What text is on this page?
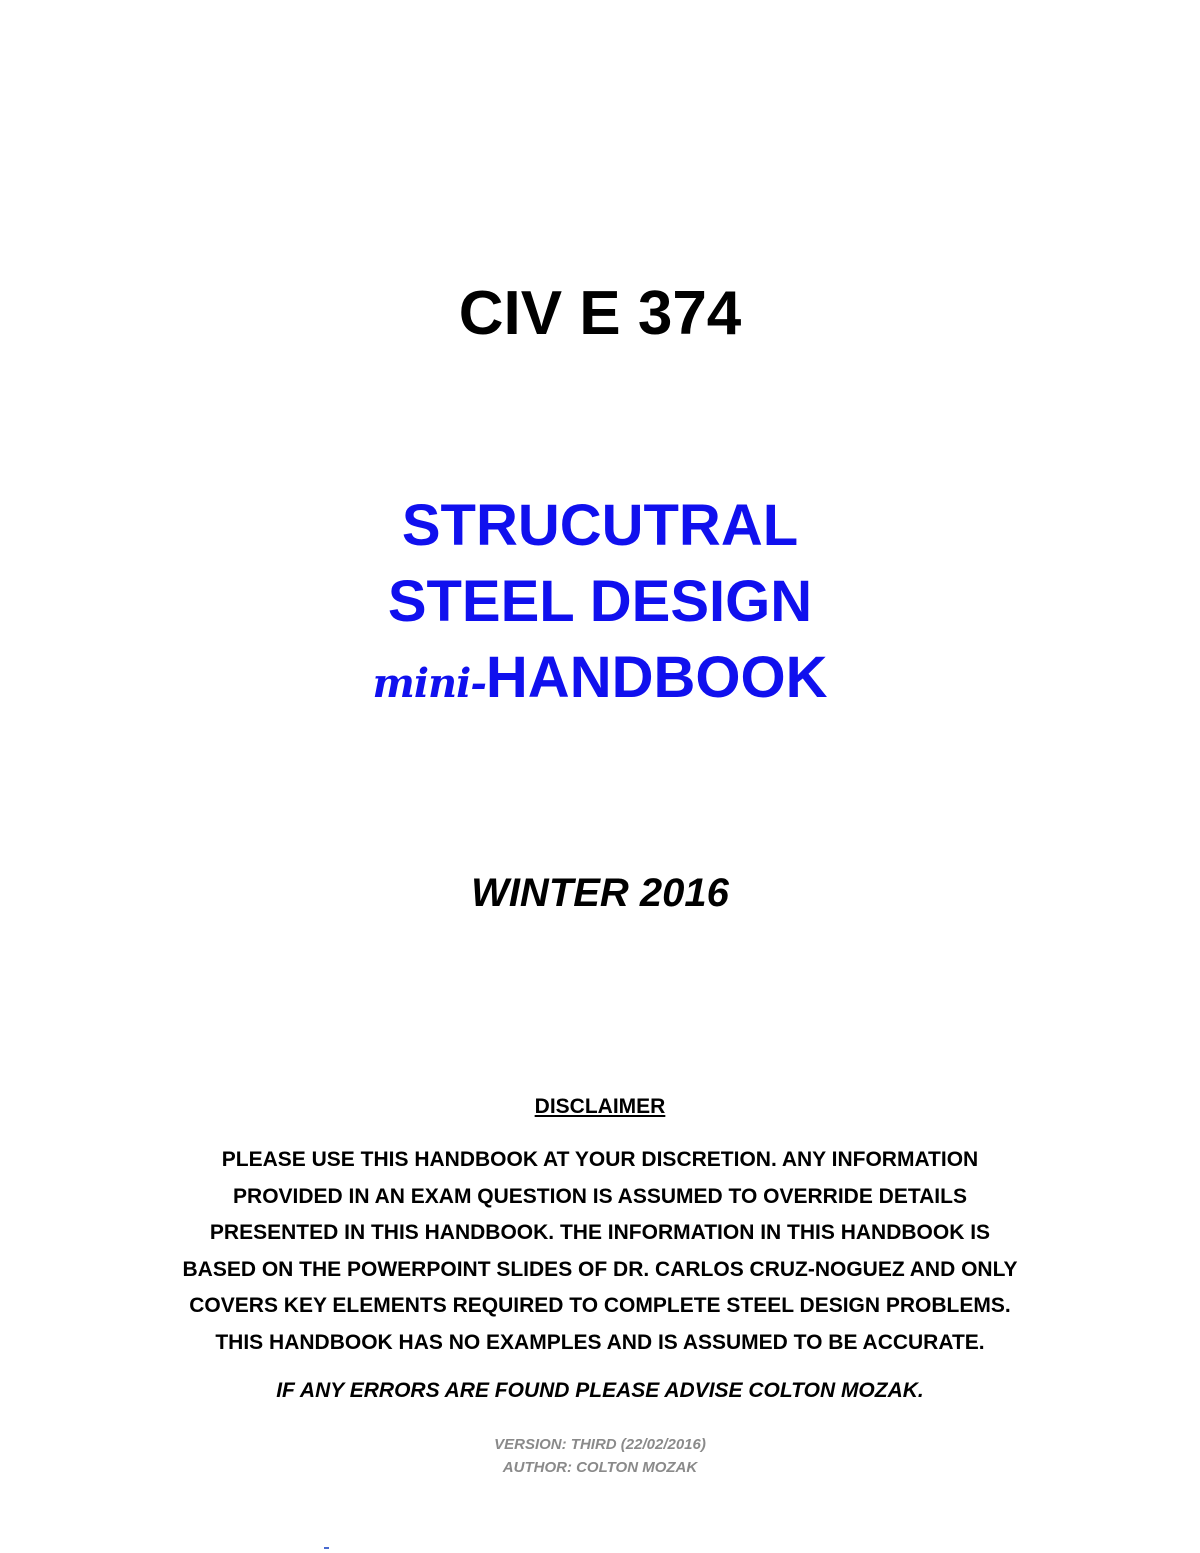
CIV E 374
STRUCUTRAL
STEEL DESIGN
mini-HANDBOOK
WINTER 2016
DISCLAIMER
PLEASE USE THIS HANDBOOK AT YOUR DISCRETION. ANY INFORMATION
PROVIDED IN AN EXAM QUESTION IS ASSUMED TO OVERRIDE DETAILS
PRESENTED IN THIS HANDBOOK. THE INFORMATION IN THIS HANDBOOK IS
BASED ON THE POWERPOINT SLIDES OF DR. CARLOS CRUZ-NOGUEZ AND ONLY
COVERS KEY ELEMENTS REQUIRED TO COMPLETE STEEL DESIGN PROBLEMS.
THIS HANDBOOK HAS NO EXAMPLES AND IS ASSUMED TO BE ACCURATE.
IF ANY ERRORS ARE FOUND PLEASE ADVISE COLTON MOZAK.
VERSION: THIRD (22/02/2016)
AUTHOR: COLTON MOZAK
